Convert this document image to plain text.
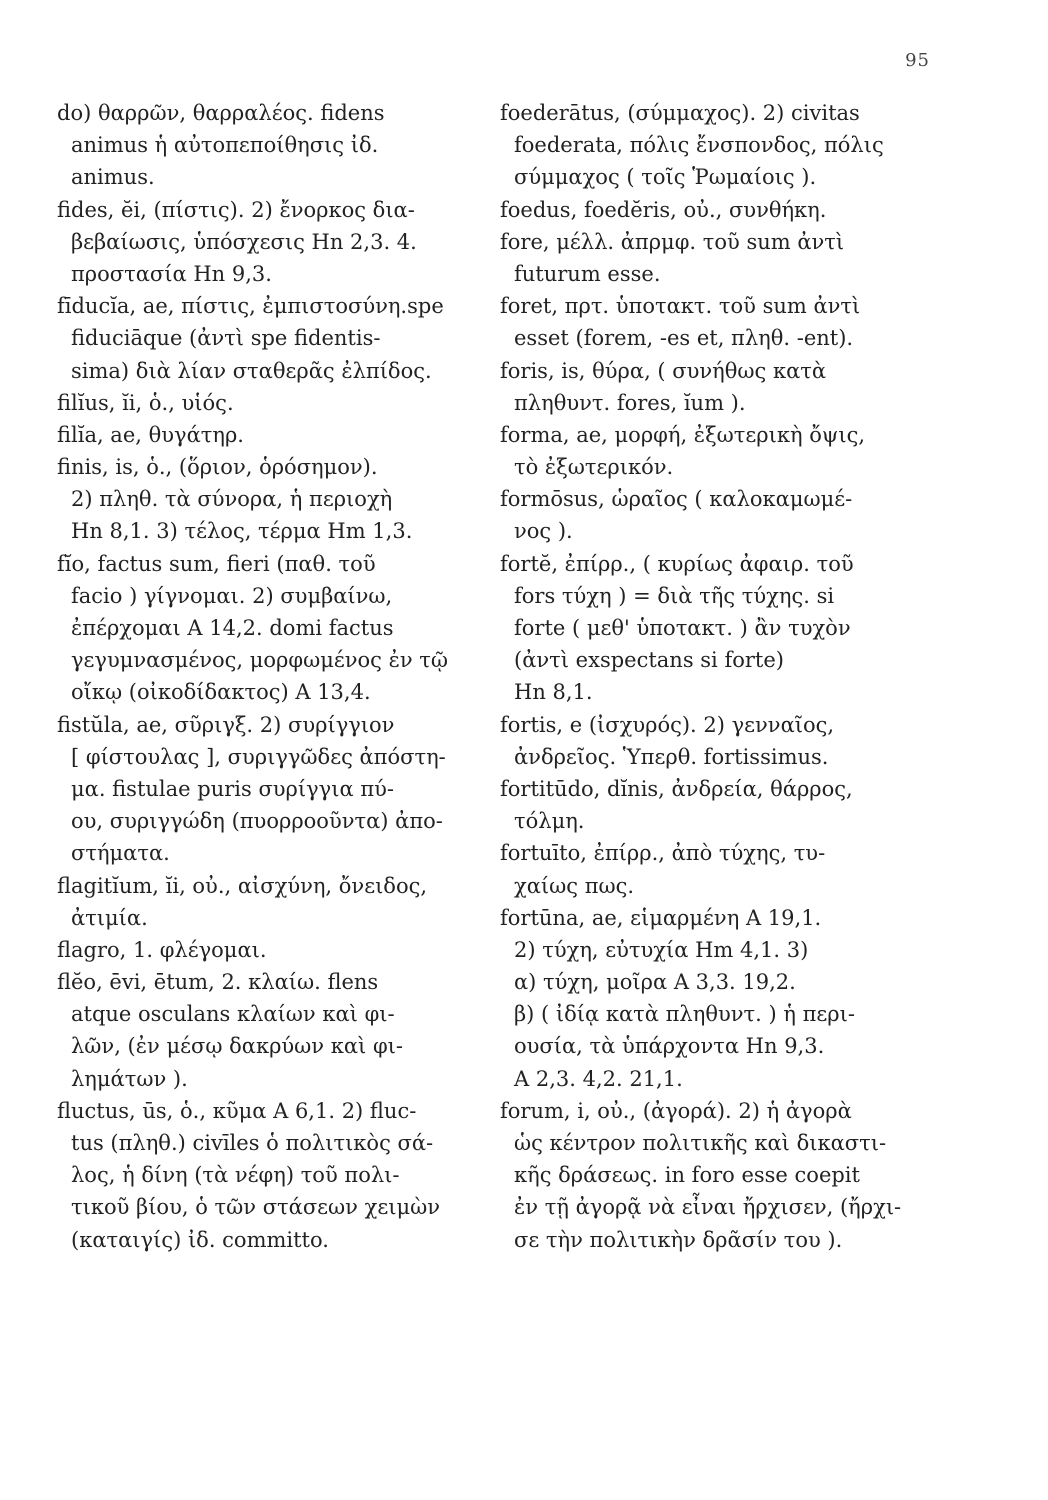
95
do) θαρρῶν, θαρραλέος. fidens
animus ἡ αὐτοπεποίθησις ἰδ.
animus.
fides, ĕi, (πίστις). 2) ἔνορκος δια-
βεβαίωσις, ὑπόσχεσις Hn 2,3. 4.
προστασία Hn 9,3.
fīducĭa, ae, πίστις, ἐμπιστοσύνη.spe
fiduciāque (ἀντὶ spe fidentis-
sima) διὰ λίαν σταθερᾶς ἐλπίδος.
filĭus, ĭi, ὁ., υἱός.
filĭa, ae, θυγάτηρ.
finis, is, ὁ., (ὅριον, ὁρόσημον).
2) πληθ. τὰ σύνορα, ἡ περιοχὴ
Hn 8,1. 3) τέλος, τέρμα Hm 1,3.
fĭo, factus sum, fieri (παθ. τοῦ
facio ) γίγνομαι. 2) συμβαίνω,
ἐπέρχομαι A 14,2. domi factus
γεγυμνασμένος, μορφωμένος ἐν τῷ
οἴκῳ (οἰκοδίδακτος) A 13,4.
fistŭla, ae, σῦριγξ. 2) συρίγγιον
[ φίστουλας ], συριγγῶδες ἀπόστη-
μα. fistulae puris συρίγγια πύ-
ου, συριγγώδη (πυορροοῦντα) ἀπο-
στήματα.
flagitĭum, ĭi, οὐ., αἰσχύνη, ὄνειδος,
ἀτιμία.
flagro, 1. φλέγομαι.
flĕo, ēvi, ētum, 2. κλαίω. flens
atque osculans κλαίων καὶ φι-
λῶν, (ἐν μέσῳ δακρύων καὶ φι-
λημάτων ).
fluctus, ūs, ὁ., κῦμα A 6,1. 2) fluc-
tus (πληθ.) civīles ὁ πολιτικὸς σά-
λος, ἡ δίνη (τὰ νέφη) τοῦ πολι-
τικοῦ βίου, ὁ τῶν στάσεων χειμὼν
(καταιγίς) ἰδ. committo.
foederātus, (σύμμαχος). 2) civitas
foederata, πόλις ἔνσπονδος, πόλις
σύμμαχος ( τοῖς Ῥωμαίοις ).
foedus, foedĕris, οὐ., συνθήκη.
fore, μέλλ. ἀπρμφ. τοῦ sum ἀντὶ
futurum esse.
foret, πρτ. ὑποτακτ. τοῦ sum ἀντὶ
esset (forem, -es et, πληθ. -ent).
foris, is, θύρα, ( συνήθως κατὰ
πληθυντ. fores, ĭum ).
forma, ae, μορφή, ἐξωτερικὴ ὄψις,
τὸ ἐξωτερικόν.
formōsus, ὡραῖος ( καλοκαμωμέ-
νος ).
fortĕ, ἐπίρρ., ( κυρίως ἀφαιρ. τοῦ
fors τύχη ) = διὰ τῆς τύχης. si
forte ( μεθ' ὑποτακτ. ) ἂν τυχὸν
(ἀντὶ exspectans si forte)
Hn 8,1.
fortis, e (ἰσχυρός). 2) γενναῖος,
ἀνδρεῖος. Ὑπερθ. fortissimus.
fortitūdo, dĭnis, ἀνδρεία, θάρρος,
τόλμη.
fortuīto, ἐπίρρ., ἀπὸ τύχης, τυ-
χαίως πως.
fortūna, ae, εἱμαρμένη A 19,1.
2) τύχη, εὐτυχία Hm 4,1. 3)
α) τύχη, μοῖρα A 3,3. 19,2.
β) ( ἰδίᾳ κατὰ πληθυντ. ) ἡ περι-
ουσία, τὰ ὑπάρχοντα Hn 9,3.
A 2,3. 4,2. 21,1.
forum, i, οὐ., (ἀγορά). 2) ἡ ἀγορὰ
ὡς κέντρον πολιτικῆς καὶ δικαστι-
κῆς δράσεως. in foro esse coepit
ἐν τῇ ἀγορᾷ νὰ εἶναι ἤρχισεν, (ἤρχι-
σε τὴν πολιτικὴν δρᾶσίν του ).
